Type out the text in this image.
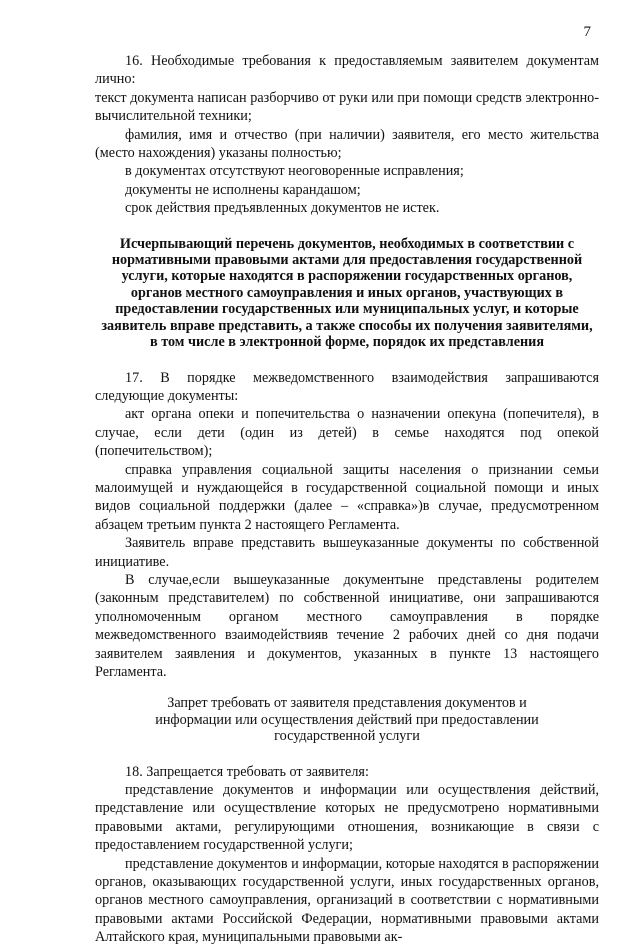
7

16. Необходимые требования к предоставляемым заявителем документам лично:

текст документа написан разборчиво от руки или при помощи средств электронно-вычислительной техники;

фамилия, имя и отчество (при наличии) заявителя, его место жительства (место нахождения) указаны полностью;

в документах отсутствуют неоговоренные исправления;

документы не исполнены карандашом;

срок действия предъявленных документов не истек.

Исчерпывающий перечень документов, необходимых в соответствии с нормативными правовыми актами для предоставления государственной услуги, которые находятся в распоряжении государственных органов, органов местного самоуправления и иных органов, участвующих в предоставлении государственных или муниципальных услуг, и которые заявитель вправе представить, а также способы их получения заявителями, в том числе в электронной форме, порядок их представления

17. В порядке межведомственного взаимодействия запрашиваются следующие документы:

акт органа опеки и попечительства о назначении опекуна (попечителя), в случае, если дети (один из детей) в семье находятся под опекой (попечительством);

справка управления социальной защиты населения о признании семьи малоимущей и нуждающейся в государственной социальной помощи и иных видов социальной поддержки (далее – «справка»)в случае, предусмотренном абзацем третьим пункта 2 настоящего Регламента.

Заявитель вправе представить вышеуказанные документы по собственной инициативе.

В случае,если вышеуказанные документыне представлены родителем (законным представителем) по собственной инициативе, они запрашиваются уполномоченным органом местного самоуправления в порядке межведомственного взаимодействияв течение 2 рабочих дней со дня подачи заявителем заявления и документов, указанных в пункте 13 настоящего Регламента.

Запрет требовать от заявителя представления документов и информации или осуществления действий при предоставлении государственной услуги

18. Запрещается требовать от заявителя:

представление документов и информации или осуществления действий, представление или осуществление которых не предусмотрено нормативными правовыми актами, регулирующими отношения, возникающие в связи с предоставлением государственной услуги;

представление документов и информации, которые находятся в распоряжении органов, оказывающих государственной услуги, иных государственных органов, органов местного самоуправления, организаций в соответствии с нормативными правовыми актами Российской Федерации, нормативными правовыми актами Алтайского края, муниципальными правовыми ак-
